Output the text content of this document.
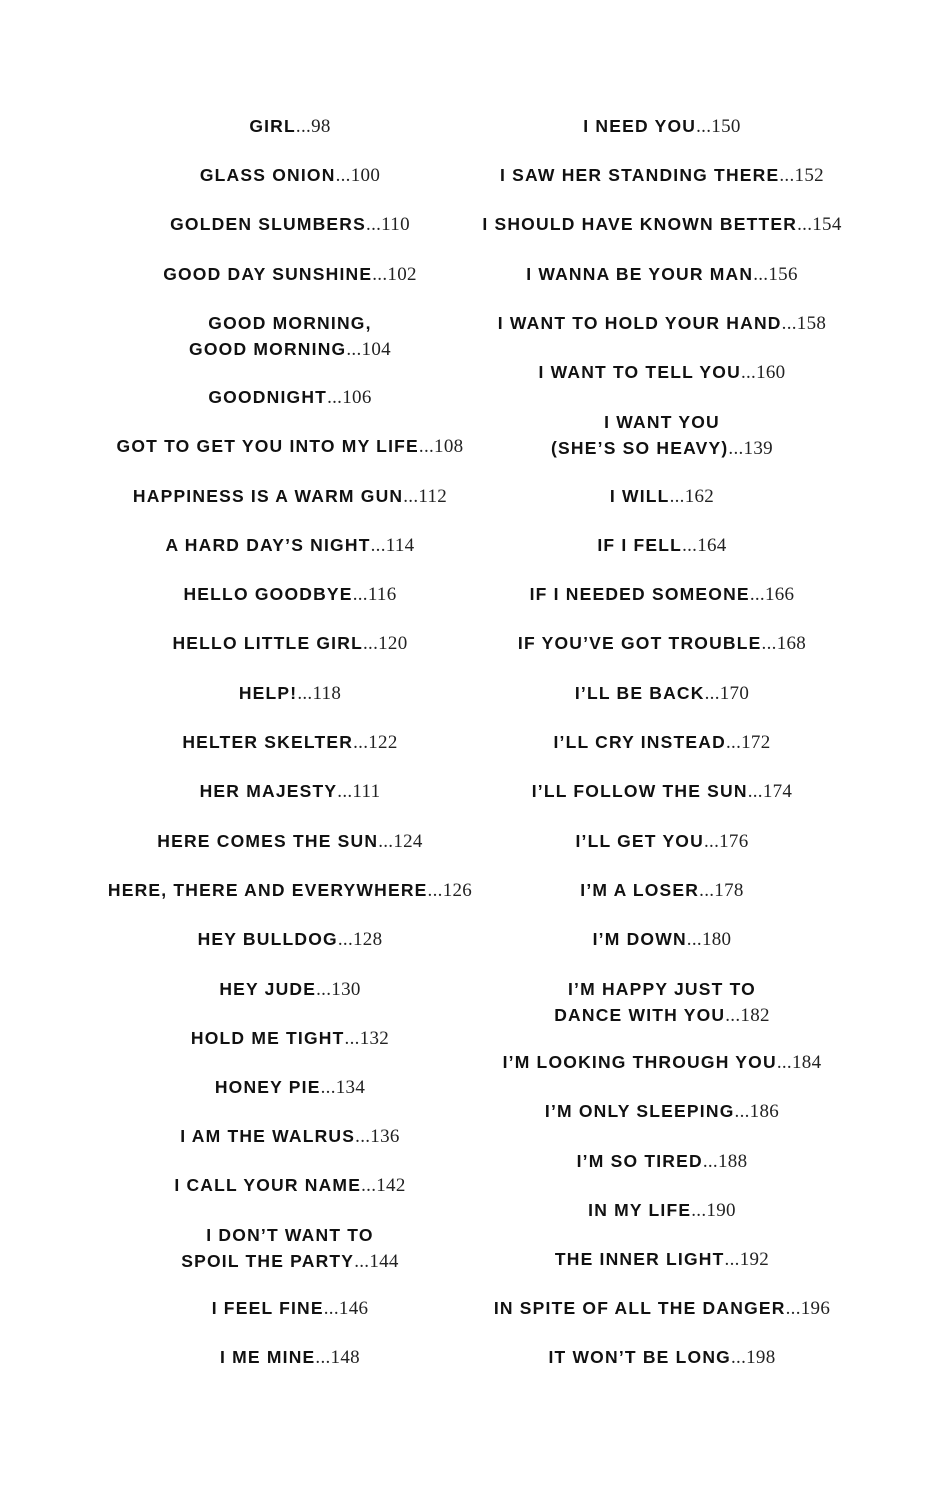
GIRL...98
GLASS ONION...100
GOLDEN SLUMBERS...110
GOOD DAY SUNSHINE...102
GOOD MORNING,
GOOD MORNING...104
GOODNIGHT...106
GOT TO GET YOU INTO MY LIFE...108
HAPPINESS IS A WARM GUN...112
A HARD DAY’S NIGHT...114
HELLO GOODBYE...116
HELLO LITTLE GIRL...120
HELP!...118
HELTER SKELTER...122
HER MAJESTY...111
HERE COMES THE SUN...124
HERE, THERE AND EVERYWHERE...126
HEY BULLDOG...128
HEY JUDE...130
HOLD ME TIGHT...132
HONEY PIE...134
I AM THE WALRUS...136
I CALL YOUR NAME...142
I DON’T WANT TO
SPOIL THE PARTY...144
I FEEL FINE...146
I ME MINE...148
I NEED YOU...150
I SAW HER STANDING THERE...152
I SHOULD HAVE KNOWN BETTER...154
I WANNA BE YOUR MAN...156
I WANT TO HOLD YOUR HAND...158
I WANT TO TELL YOU...160
I WANT YOU
(SHE’S SO HEAVY)...139
I WILL...162
IF I FELL...164
IF I NEEDED SOMEONE...166
IF YOU’VE GOT TROUBLE...168
I’LL BE BACK...170
I’LL CRY INSTEAD...172
I’LL FOLLOW THE SUN...174
I’LL GET YOU...176
I’M A LOSER...178
I’M DOWN...180
I’M HAPPY JUST TO
DANCE WITH YOU...182
I’M LOOKING THROUGH YOU...184
I’M ONLY SLEEPING...186
I’M SO TIRED...188
IN MY LIFE...190
THE INNER LIGHT...192
IN SPITE OF ALL THE DANGER...196
IT WON’T BE LONG...198
